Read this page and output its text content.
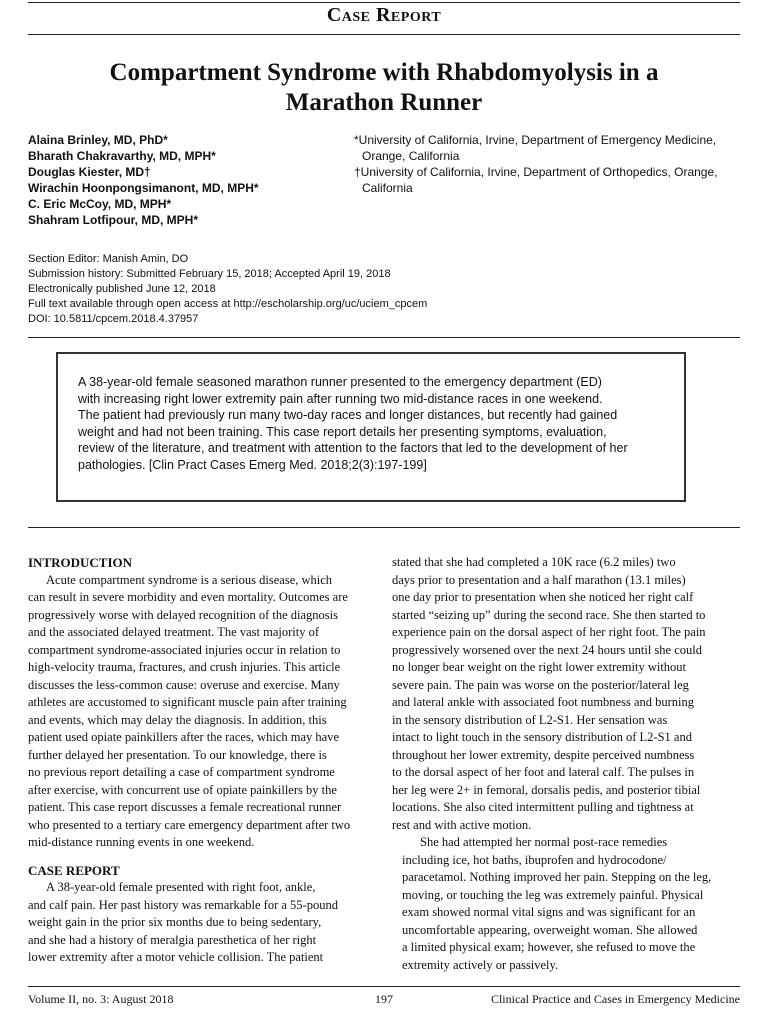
Case Report
Compartment Syndrome with Rhabdomyolysis in a
Marathon Runner
Alaina Brinley, MD, PhD*
Bharath Chakravarthy, MD, MPH*
Douglas Kiester, MD†
Wirachin Hoonpongsimanont, MD, MPH*
C. Eric McCoy, MD, MPH*
Shahram Lotfipour, MD, MPH*
*University of California, Irvine, Department of Emergency Medicine,
Orange, California
†University of California, Irvine, Department of Orthopedics, Orange,
California
Section Editor: Manish Amin, DO
Submission history: Submitted February 15, 2018; Accepted April 19, 2018
Electronically published June 12, 2018
Full text available through open access at http://escholarship.org/uc/uciem_cpcem
DOI: 10.5811/cpcem.2018.4.37957
A 38-year-old female seasoned marathon runner presented to the emergency department (ED)
with increasing right lower extremity pain after running two mid-distance races in one weekend.
The patient had previously run many two-day races and longer distances, but recently had gained
weight and had not been training. This case report details her presenting symptoms, evaluation,
review of the literature, and treatment with attention to the factors that led to the development of her
pathologies. [Clin Pract Cases Emerg Med. 2018;2(3):197-199]
INTRODUCTION

Acute compartment syndrome is a serious disease, which

can result in severe morbidity and even mortality. Outcomes are

progressively worse with delayed recognition of the diagnosis

and the associated delayed treatment. The vast majority of

compartment syndrome-associated injuries occur in relation to

high-velocity trauma, fractures, and crush injuries. This article

discusses the less-common cause: overuse and exercise. Many

athletes are accustomed to significant muscle pain after training

and events, which may delay the diagnosis. In addition, this

patient used opiate painkillers after the races, which may have

further delayed her presentation. To our knowledge, there is

no previous report detailing a case of compartment syndrome

after exercise, with concurrent use of opiate painkillers by the

patient. This case report discusses a female recreational runner

who presented to a tertiary care emergency department after two

mid-distance running events in one weekend.

CASE REPORT

A 38-year-old female presented with right foot, ankle,

and calf pain. Her past history was remarkable for a 55-pound

weight gain in the prior six months due to being sedentary,

and she had a history of meralgia paresthetica of her right

lower extremity after a motor vehicle collision. The patient

stated that she had completed a 10K race (6.2 miles) two

days prior to presentation and a half marathon (13.1 miles)

one day prior to presentation when she noticed her right calf

started “seizing up” during the second race. She then started to

experience pain on the dorsal aspect of her right foot. The pain

progressively worsened over the next 24 hours until she could

no longer bear weight on the right lower extremity without

severe pain. The pain was worse on the posterior/lateral leg

and lateral ankle with associated foot numbness and burning

in the sensory distribution of L2-S1. Her sensation was

intact to light touch in the sensory distribution of L2-S1 and

throughout her lower extremity, despite perceived numbness

to the dorsal aspect of her foot and lateral calf. The pulses in

her leg were 2+ in femoral, dorsalis pedis, and posterior tibial

locations. She also cited intermittent pulling and tightness at

rest and with active motion.

She had attempted her normal post-race remedies

including ice, hot baths, ibuprofen and hydrocodone/

paracetamol. Nothing improved her pain. Stepping on the leg,

moving, or touching the leg was extremely painful. Physical

exam showed normal vital signs and was significant for an

uncomfortable appearing, overweight woman. She allowed

a limited physical exam; however, she refused to move the

extremity actively or passively.

Volume II, no. 3: August 2018	197	Clinical Practice and Cases in Emergency Medicine
